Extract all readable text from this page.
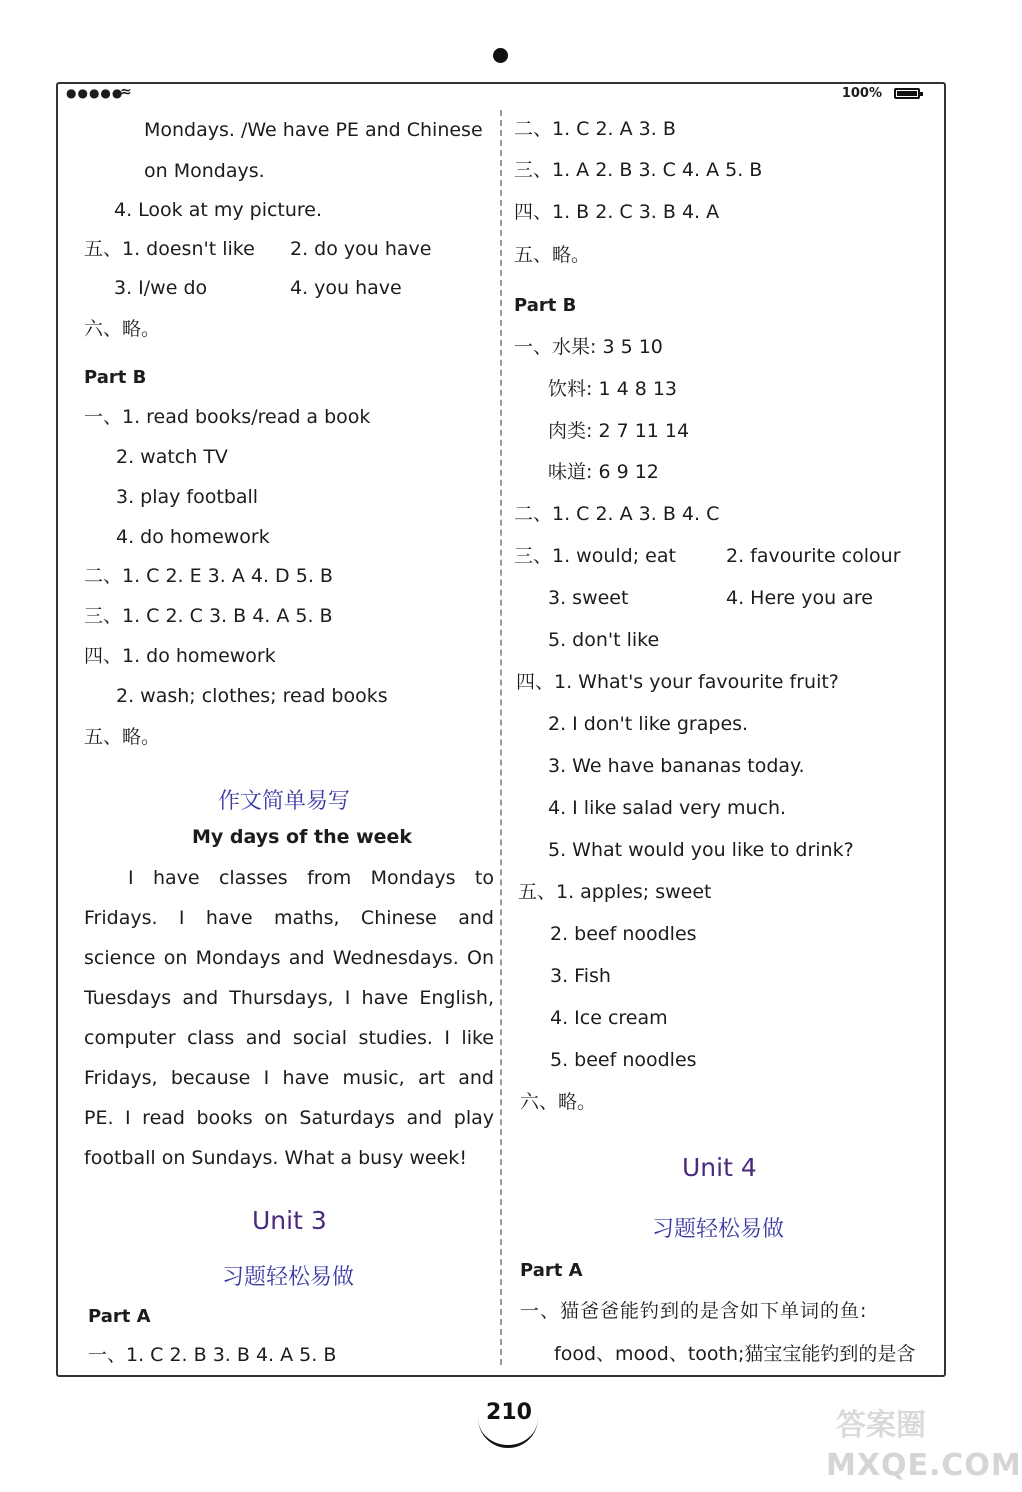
●●●●●
≈	100%
Mondays. /We have PE and Chinese
on Mondays.
4. Look at my picture.
五、1. doesn't like 2. do you have
3. I/we do	4. you have
六、略。
Part B
一、1. read books/read a book
2. watch TV
3. play football
4. do homework
二、1. C 2. E 3. A 4. D 5. B
三、1. C 2. C 3. B 4. A 5. B
四、1. do homework
2. wash; clothes; read books
五、略。
作文简单易写
My days of the week
I have classes from Mondays to
Fridays. I have maths, Chinese and
science on Mondays and Wednesdays. On
Tuesdays and Thursdays, I have English,
computer class and social studies. I like
Fridays, because I have music, art and
PE. I read books on Saturdays and play
football on Sundays. What a busy week!
Unit 3
习题轻松易做
Part A
一、1. C 2. B 3. B 4. A 5. B
二、1. C 2. A 3. B
三、1. A 2. B 3. C 4. A 5. B
四、1. B 2. C 3. B 4. A
五、略。
Part B
一、水果: 3 5 10
饮料: 1 4 8 13
肉类: 2 7 11 14
味道: 6 9 12
二、1. C 2. A 3. B 4. C
三、1. would; eat	2. favourite colour
3. sweet	4. Here you are
5. don't like
四、1. What's your favourite fruit?
2. I don't like grapes.
3. We have bananas today.
4. I like salad very much.
5. What would you like to drink?
五、1. apples; sweet
2. beef noodles
3. Fish
4. Ice cream
5. beef noodles
六、略。
Unit 4
习题轻松易做
Part A
一、猫爸爸能钓到的是含如下单词的鱼:
food、mood、tooth;猫宝宝能钓到的是含
210	答案圈
MXQE.COM
